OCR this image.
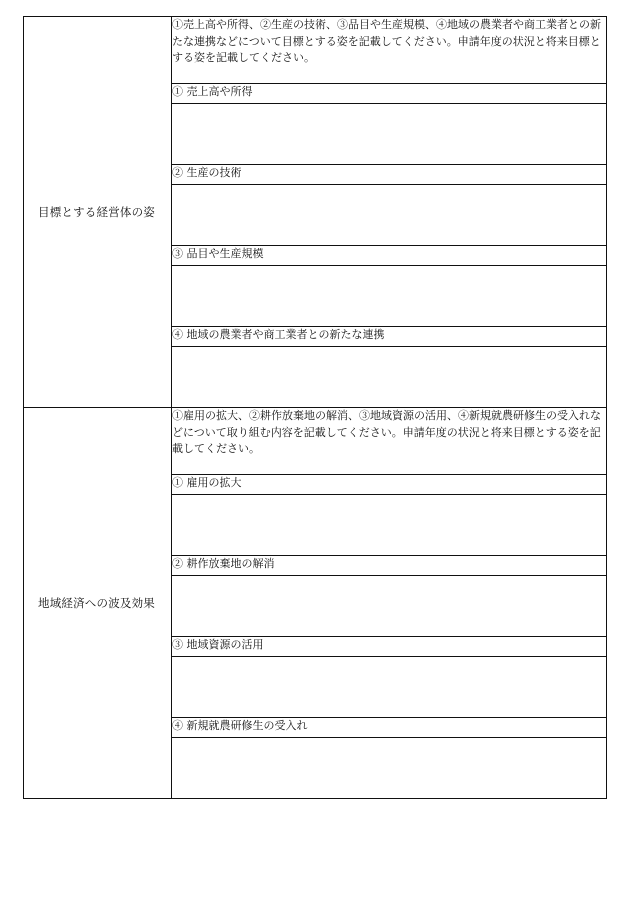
目標とする経営体の姿	①売上高や所得、②生産の技術、③品目や生産規模、④地域の農業者や商工業者との新たな連携などについて目標とする姿を記載してください。申請年度の状況と将来目標とする姿を記載してください。
	① 売上高や所得

	② 生産の技術

	③ 品目や生産規模

	④ 地域の農業者や商工業者との新たな連携

地域経済への波及効果	①雇用の拡大、②耕作放棄地の解消、③地域資源の活用、④新規就農研修生の受入れなどについて取り組む内容を記載してください。申請年度の状況と将来目標とする姿を記載してください。
	① 雇用の拡大

	② 耕作放棄地の解消

	③ 地域資源の活用

	④ 新規就農研修生の受入れ
